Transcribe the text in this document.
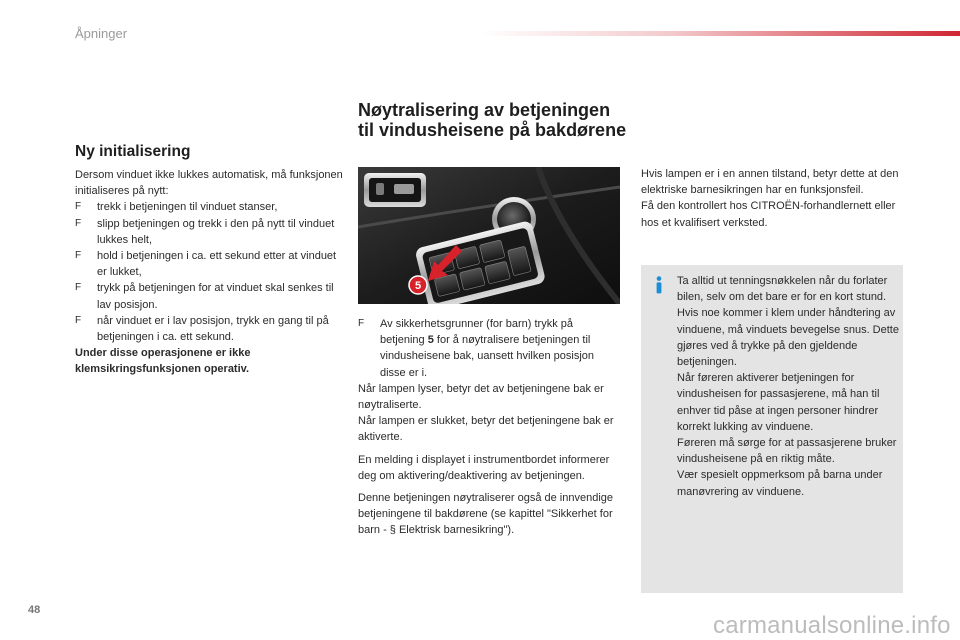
Åpninger
Ny initialisering
Dersom vinduet ikke lukkes automatisk, må funksjonen initialiseres på nytt:
F trekk i betjeningen til vinduet stanser,
F slipp betjeningen og trekk i den på nytt til vinduet lukkes helt,
F hold i betjeningen i ca. ett sekund etter at vinduet er lukket,
F trykk på betjeningen for at vinduet skal senkes til lav posisjon.
F når vinduet er i lav posisjon, trykk en gang til på betjeningen i ca. ett sekund.
Under disse operasjonene er ikke klemsikringsfunksjonen operativ.
Nøytralisering av betjeningen til vindusheisene på bakdørene
5
F Av sikkerhetsgrunner (for barn) trykk på betjening 5 for å nøytralisere betjeningen til vindusheisene bak, uansett hvilken posisjon disse er i.
Når lampen lyser, betyr det av betjeningene bak er nøytraliserte.
Når lampen er slukket, betyr det betjeningene bak er aktiverte.
En melding i displayet i instrumentbordet informerer deg om aktivering/deaktivering av betjeningen.
Denne betjeningen nøytraliserer også de innvendige betjeningene til bakdørene (se kapittel "Sikkerhet for barn - § Elektrisk barnesikring").
Hvis lampen er i en annen tilstand, betyr dette at den elektriske barnesikringen har en funksjonsfeil.
Få den kontrollert hos CITROËN-forhandlernett eller hos et kvalifisert verksted.
Ta alltid ut tenningsnøkkelen når du forlater bilen, selv om det bare er for en kort stund.
Hvis noe kommer i klem under håndtering av vinduene, må vinduets bevegelse snus. Dette gjøres ved å trykke på den gjeldende betjeningen.
Når føreren aktiverer betjeningen for vindusheisen for passasjerene, må han til enhver tid påse at ingen personer hindrer korrekt lukking av vinduene.
Føreren må sørge for at passasjerene bruker vindusheisene på en riktig måte.
Vær spesielt oppmerksom på barna under manøvrering av vinduene.
48
carmanualsonline.info
